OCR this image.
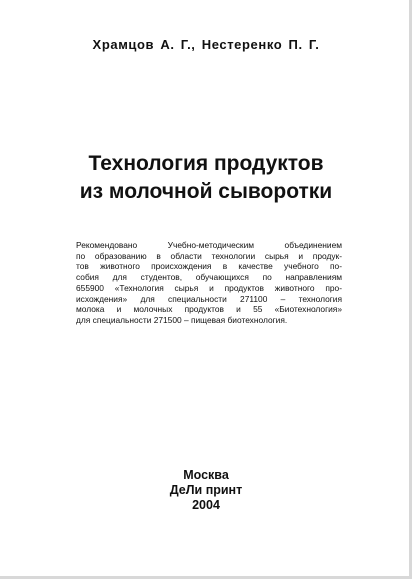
Храмцов А. Г., Нестеренко П. Г.
Технология продуктов
из молочной сыворотки
Рекомендовано Учебно-методическим объединением
по образованию в области технологии сырья и продук-
тов животного происхождения в качестве учебного по-
собия для студентов, обучающихся по направлениям
655900 «Технология сырья и продуктов животного про-
исхождения» для специальности 271100 – технология
молока и молочных продуктов и 55 «Биотехнология»
для специальности 271500 – пищевая биотехнология.
Москва
ДеЛи принт
2004
